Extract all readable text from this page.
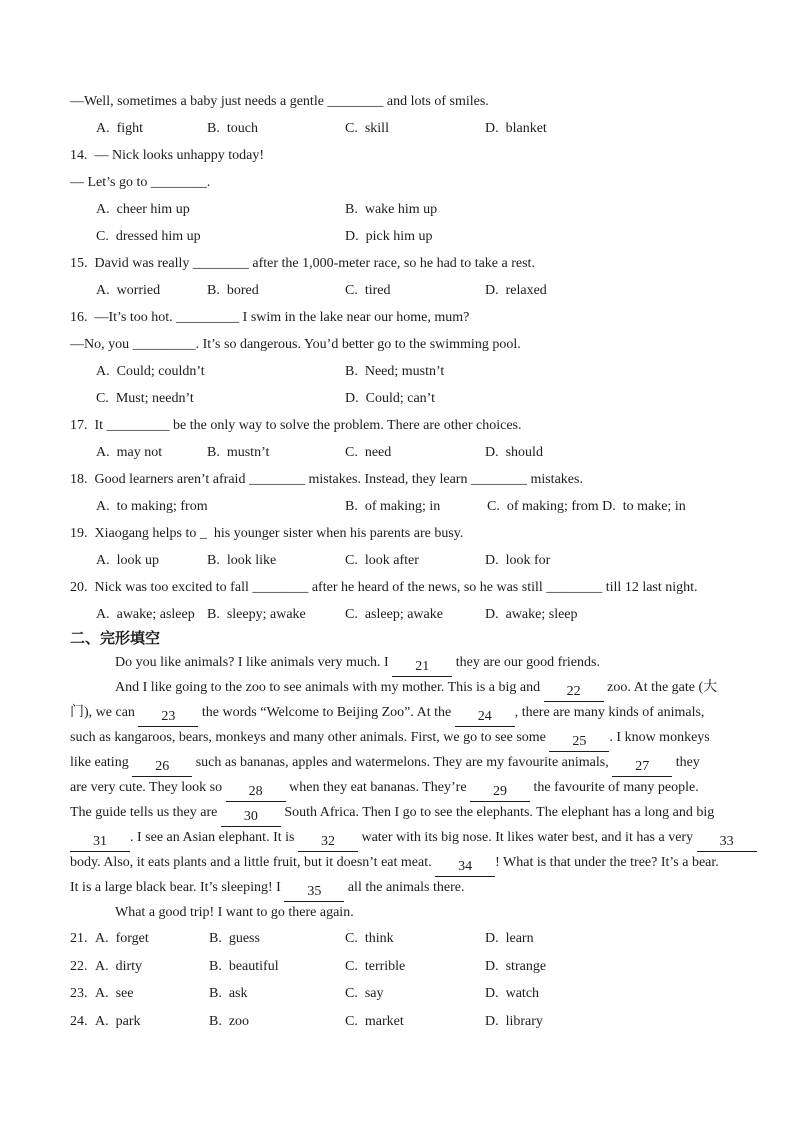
—Well, sometimes a baby just needs a gentle ________ and lots of smiles.
A.  fight	B.  touch	C.  skill	D.  blanket
14.  — Nick looks unhappy today!
— Let’s go to ________.
A.  cheer him up	B.  wake him up
C.  dressed him up	D.  pick him up
15.  David was really ________ after the 1,000-meter race, so he had to take a rest.
A.  worried	B.  bored	C.  tired	D.  relaxed
16.  —It’s too hot. _________ I swim in the lake near our home, mum?
—No, you _________. It’s so dangerous. You’d better go to the swimming pool.
A.  Could; couldn’t	B.  Need; mustn’t
C.  Must; needn’t	D.  Could; can’t
17.  It _________ be the only way to solve the problem. There are other choices.
A.  may not	B.  mustn’t	C.  need	D.  should
18.  Good learners aren’t afraid ________ mistakes. Instead, they learn ________ mistakes.
A.  to making; from	B.  of making; in	C.  of making; from D.  to make; in
19.  Xiaogang helps to _  his younger sister when his parents are busy.
A.  look up	B.  look like	C.  look after	D.  look for
20.  Nick was too excited to fall ________ after he heard of the news, so he was still ________ till 12 last night.
A.  awake; asleep B.  sleepy; awake	C.  asleep; awake	D.  awake; sleep
二、完形填空
Do you like animals? I like animals very much. I 21 they are our good friends.
And I like going to the zoo to see animals with my mother. This is a big and 22 zoo. At the gate (大
门), we can 23 the words “Welcome to Beijing Zoo”. At the 24 , there are many kinds of animals,
such as kangaroos, bears, monkeys and many other animals. First, we go to see some 25 . I know monkeys
like eating 26 such as bananas, apples and watermelons. They are my favourite animals, 27 they
are very cute. They look so 28 when they eat bananas. They’re 29 the favourite of many people.
The guide tells us they are 30 South Africa. Then I go to see the elephants. The elephant has a long and big
31 . I see an Asian elephant. It is 32 water with its big nose. It likes water best, and it has a very 33
body. Also, it eats plants and a little fruit, but it doesn’t eat meat. 34 ! What is that under the tree? It’s a bear.
It is a large black bear. It’s sleeping! I 35 all the animals there.
What a good trip! I want to go there again.
21. A.  forget	B.  guess	C.  think	D.  learn
22. A.  dirty	B.  beautiful	C.  terrible	D.  strange
23. A.  see	B.  ask	C.  say	D.  watch
24. A.  park	B.  zoo	C.  market	D.  library
